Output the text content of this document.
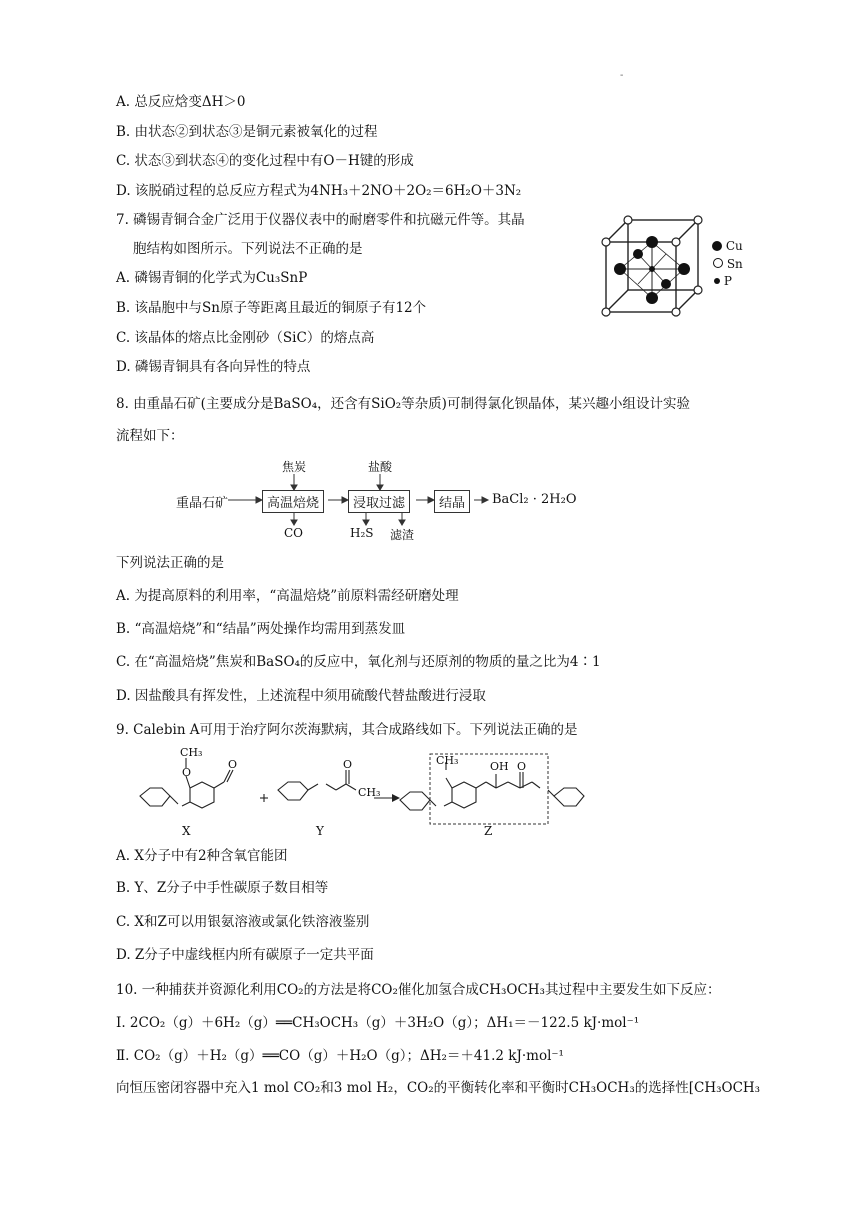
-
A. 总反应焓变ΔH＞0
B. 由状态②到状态③是铜元素被氧化的过程
C. 状态③到状态④的变化过程中有O－H键的形成
D. 该脱硝过程的总反应方程式为4NH₃＋2NO＋2O₂＝6H₂O＋3N₂
7. 磷锡青铜合金广泛用于仪器仪表中的耐磨零件和抗磁元件等。其晶
胞结构如图所示。下列说法不正确的是
A. 磷锡青铜的化学式为Cu₃SnP
B. 该晶胞中与Sn原子等距离且最近的铜原子有12个
C. 该晶体的熔点比金刚砂（SiC）的熔点高
D. 磷锡青铜具有各向异性的特点
Cu
Sn
P
8. 由重晶石矿(主要成分是BaSO₄，还含有SiO₂等杂质)可制得氯化钡晶体，某兴趣小组设计实验
流程如下：
重晶石矿	高温焙烧	浸取过滤	结晶	BaCl₂ · 2H₂O
焦炭	盐酸
CO	H₂S 滤渣
下列说法正确的是
A. 为提高原料的利用率，“高温焙烧”前原料需经研磨处理
B. “高温焙烧”和“结晶”两处操作均需用到蒸发皿
C. 在“高温焙烧”焦炭和BaSO₄的反应中，氧化剂与还原剂的物质的量之比为4∶1
D. 因盐酸具有挥发性，上述流程中须用硫酸代替盐酸进行浸取
9. Calebin A可用于治疗阿尔茨海默病，其合成路线如下。下列说法正确的是
CH₃
O
O	O
CH₃
CH₃	OH O
X	Y	Z
A. X分子中有2种含氧官能团
B. Y、Z分子中手性碳原子数目相等
C. X和Z可以用银氨溶液或氯化铁溶液鉴别
D. Z分子中虚线框内所有碳原子一定共平面
10. 一种捕获并资源化利用CO₂的方法是将CO₂催化加氢合成CH₃OCH₃其过程中主要发生如下反应：
Ⅰ. 2CO₂（g）＋6H₂（g）══CH₃OCH₃（g）＋3H₂O（g）；ΔH₁＝－122.5 kJ·mol⁻¹
Ⅱ. CO₂（g）＋H₂（g）══CO（g）＋H₂O（g）；ΔH₂＝＋41.2 kJ·mol⁻¹
向恒压密闭容器中充入1 mol CO₂和3 mol H₂，CO₂的平衡转化率和平衡时CH₃OCH₃的选择性[CH₃OCH₃
